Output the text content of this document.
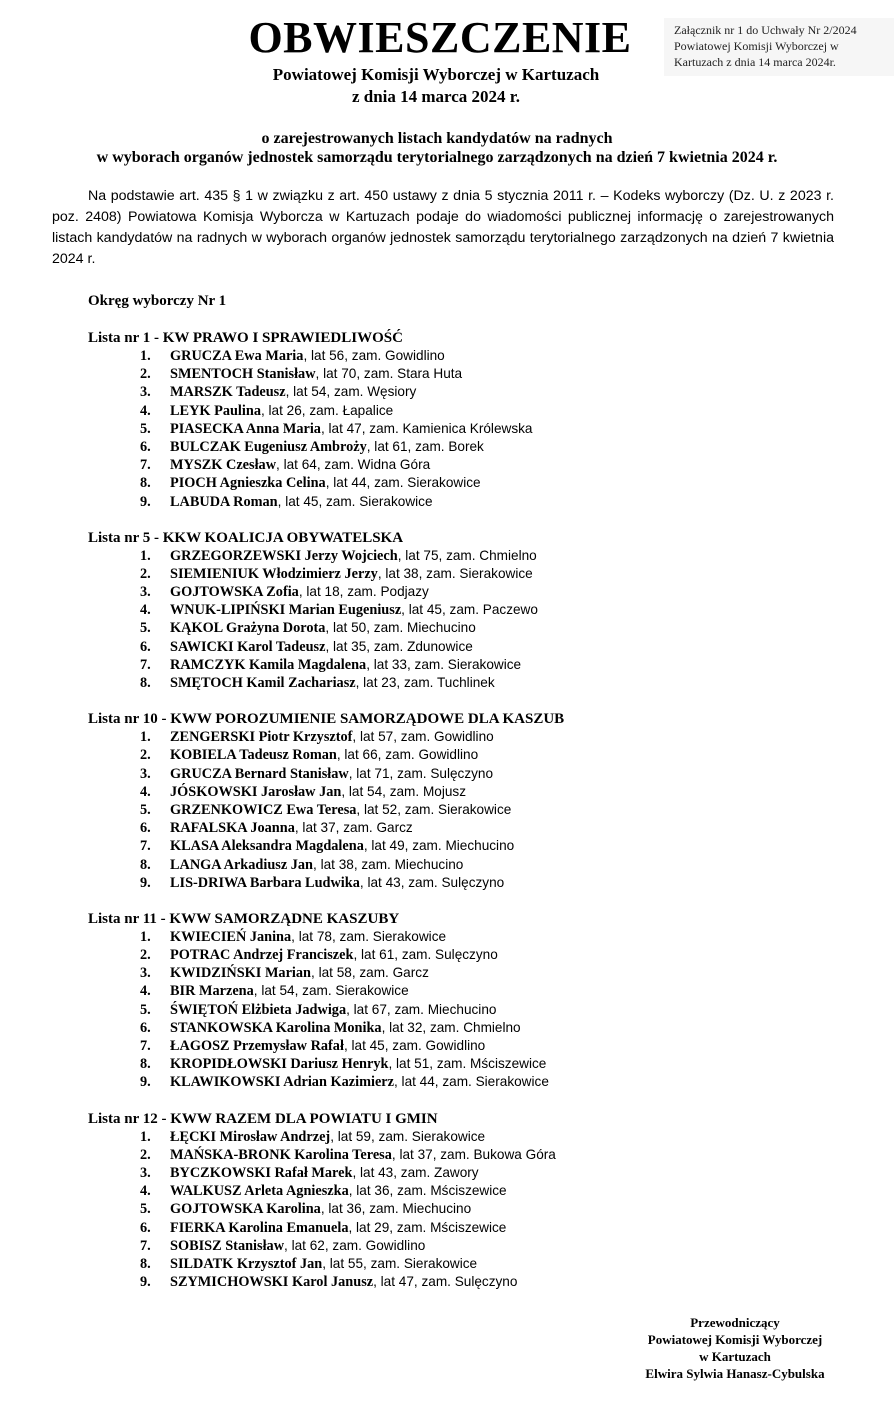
Załącznik nr 1 do Uchwały Nr 2/2024
Powiatowej Komisji Wyborczej w
Kartuzach z dnia 14 marca 2024r.
OBWIESZCZENIE
Powiatowej Komisji Wyborczej w Kartuzach
z dnia 14 marca 2024 r.
o zarejestrowanych listach kandydatów na radnych
w wyborach organów jednostek samorządu terytorialnego zarządzonych na dzień 7 kwietnia 2024 r.
Na podstawie art. 435 § 1 w związku z art. 450 ustawy z dnia 5 stycznia 2011 r. – Kodeks wyborczy (Dz. U. z 2023 r. poz. 2408) Powiatowa Komisja Wyborcza w Kartuzach podaje do wiadomości publicznej informację o zarejestrowanych listach kandydatów na radnych w wyborach organów jednostek samorządu terytorialnego zarządzonych na dzień 7 kwietnia 2024 r.
Okręg wyborczy Nr 1
Lista nr 1 - KW PRAWO I SPRAWIEDLIWOŚĆ
1. GRUCZA Ewa Maria, lat 56, zam. Gowidlino
2. SMENTOCH Stanisław, lat 70, zam. Stara Huta
3. MARSZK Tadeusz, lat 54, zam. Węsiory
4. LEYK Paulina, lat 26, zam. Łapalice
5. PIASECKA Anna Maria, lat 47, zam. Kamienica Królewska
6. BULCZAK Eugeniusz Ambroży, lat 61, zam. Borek
7. MYSZK Czesław, lat 64, zam. Widna Góra
8. PIOCH Agnieszka Celina, lat 44, zam. Sierakowice
9. LABUDA Roman, lat 45, zam. Sierakowice
Lista nr 5 - KKW KOALICJA OBYWATELSKA
1. GRZEGORZEWSKI Jerzy Wojciech, lat 75, zam. Chmielno
2. SIEMIENIUK Włodzimierz Jerzy, lat 38, zam. Sierakowice
3. GOJTOWSKA Zofia, lat 18, zam. Podjazy
4. WNUK-LIPIŃSKI Marian Eugeniusz, lat 45, zam. Paczewo
5. KĄKOL Grażyna Dorota, lat 50, zam. Miechucino
6. SAWICKI Karol Tadeusz, lat 35, zam. Zdunowice
7. RAMCZYK Kamila Magdalena, lat 33, zam. Sierakowice
8. SMĘTOCH Kamil Zachariasz, lat 23, zam. Tuchlinek
Lista nr 10 - KWW POROZUMIENIE SAMORZĄDOWE DLA KASZUB
1. ZENGERSKI Piotr Krzysztof, lat 57, zam. Gowidlino
2. KOBIELA Tadeusz Roman, lat 66, zam. Gowidlino
3. GRUCZA Bernard Stanisław, lat 71, zam. Sulęczyno
4. JÓSKOWSKI Jarosław Jan, lat 54, zam. Mojusz
5. GRZENKOWICZ Ewa Teresa, lat 52, zam. Sierakowice
6. RAFALSKA Joanna, lat 37, zam. Garcz
7. KLASA Aleksandra Magdalena, lat 49, zam. Miechucino
8. LANGA Arkadiusz Jan, lat 38, zam. Miechucino
9. LIS-DRIWA Barbara Ludwika, lat 43, zam. Sulęczyno
Lista nr 11 - KWW SAMORZĄDNE KASZUBY
1. KWIECIEŃ Janina, lat 78, zam. Sierakowice
2. POTRAC Andrzej Franciszek, lat 61, zam. Sulęczyno
3. KWIDZIŃSKI Marian, lat 58, zam. Garcz
4. BIR Marzena, lat 54, zam. Sierakowice
5. ŚWIĘTOŃ Elżbieta Jadwiga, lat 67, zam. Miechucino
6. STANKOWSKA Karolina Monika, lat 32, zam. Chmielno
7. ŁAGOSZ Przemysław Rafał, lat 45, zam. Gowidlino
8. KROPIDŁOWSKI Dariusz Henryk, lat 51, zam. Mściszewice
9. KLAWIKOWSKI Adrian Kazimierz, lat 44, zam. Sierakowice
Lista nr 12 - KWW RAZEM DLA POWIATU I GMIN
1. ŁĘCKI Mirosław Andrzej, lat 59, zam. Sierakowice
2. MAŃSKA-BRONK Karolina Teresa, lat 37, zam. Bukowa Góra
3. BYCZKOWSKI Rafał Marek, lat 43, zam. Zawory
4. WALKUSZ Arleta Agnieszka, lat 36, zam. Mściszewice
5. GOJTOWSKA Karolina, lat 36, zam. Miechucino
6. FIERKA Karolina Emanuela, lat 29, zam. Mściszewice
7. SOBISZ Stanisław, lat 62, zam. Gowidlino
8. SILDATK Krzysztof Jan, lat 55, zam. Sierakowice
9. SZYMICHOWSKI Karol Janusz, lat 47, zam. Sulęczyno
Przewodniczący
Powiatowej Komisji Wyborczej
w Kartuzach
Elwira Sylwia Hanasz-Cybulska
